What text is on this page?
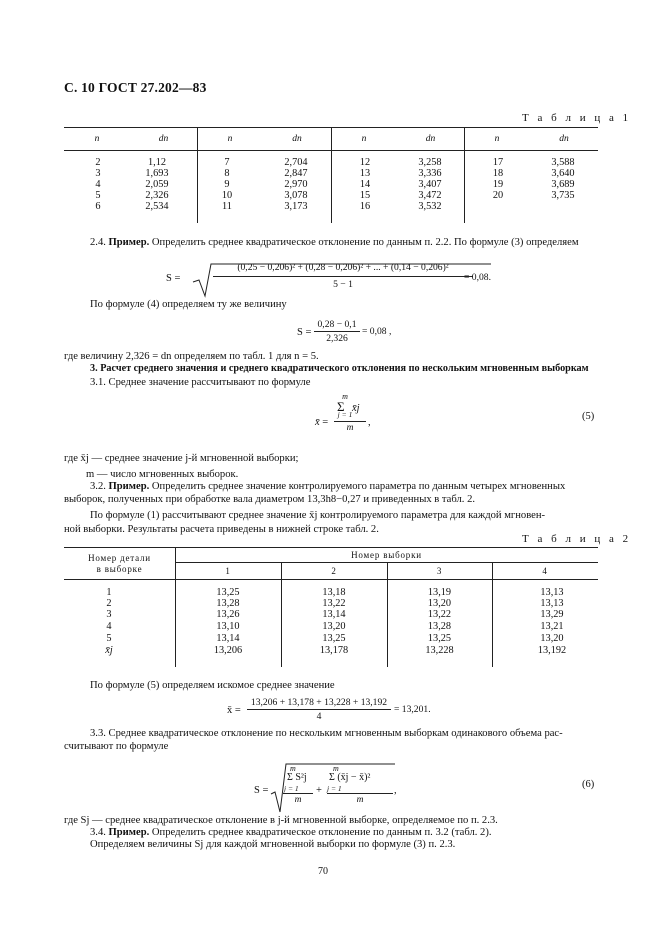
С. 10 ГОСТ 27.202—83
Т а б л и ц а 1
n	dn	n	dn	n	dn	n	dn
2	1,12	7	2,704	12	3,258	17	3,588
3	1,693	8	2,847	13	3,336	18	3,640
4	2,059	9	2,970	14	3,407	19	3,689
5	2,326	10	3,078	15	3,472	20	3,735
6	2,534	11	3,173	16	3,532
2.4. Пример. Определить среднее квадратическое отклонение по данным п. 2.2. По формуле (3) определяем
S =
(0,25 − 0,206)² + (0,28 − 0,206)² + ... + (0,14 − 0,206)²
5 − 1
= 0,08.
По формуле (4) определяем ту же величину
S =
0,28 − 0,1
2,326
= 0,08 ,
где величину 2,326 = dn определяем по табл. 1 для n = 5.
3. Расчет среднего значения и среднего квадратического отклонения по нескольким мгновенным выборкам
3.1. Среднее значение рассчитывают по формуле
x̄ =
m
Σ x̄j
j = 1
m	,
(5)
где x̄j — среднее значение j-й мгновенной выборки;
m — число мгновенных выборок.
3.2. Пример. Определить среднее значение контролируемого параметра по данным четырех мгновенных
выборок, полученных при обработке вала диаметром 13,3h8−0,27 и приведенных в табл. 2.
По формуле (1) рассчитывают среднее значение x̄j контролируемого параметра для каждой мгновен-
ной выборки. Результаты расчета приведены в нижней строке табл. 2.
Т а б л и ц а 2
Номер детали
в выборке
Номер выборки
1	2	3	4
1	13,25	13,18	13,19	13,13
2	13,28	13,22	13,20	13,13
3	13,26	13,14	13,22	13,29
4	13,10	13,20	13,28	13,21
5	13,14	13,25	13,25	13,20
x̄j	13,206	13,178	13,228	13,192
По формуле (5) определяем искомое среднее значение
x̄ =
13,206 + 13,178 + 13,228 + 13,192
4
= 13,201.
3.3. Среднее квадратическое отклонение по нескольким мгновенным выборкам одинакового объема рас-
считывают по формуле
S =
m
Σ S²j
j = 1
m
+
m
Σ (x̄j − x̄)²
j = 1
m
,
(6)
где Sj — среднее квадратическое отклонение в j-й мгновенной выборке, определяемое по п. 2.3.
3.4. Пример. Определить среднее квадратическое отклонение по данным п. 3.2 (табл. 2).
Определяем величины Sj для каждой мгновенной выборки по формуле (3) п. 2.3.
70
